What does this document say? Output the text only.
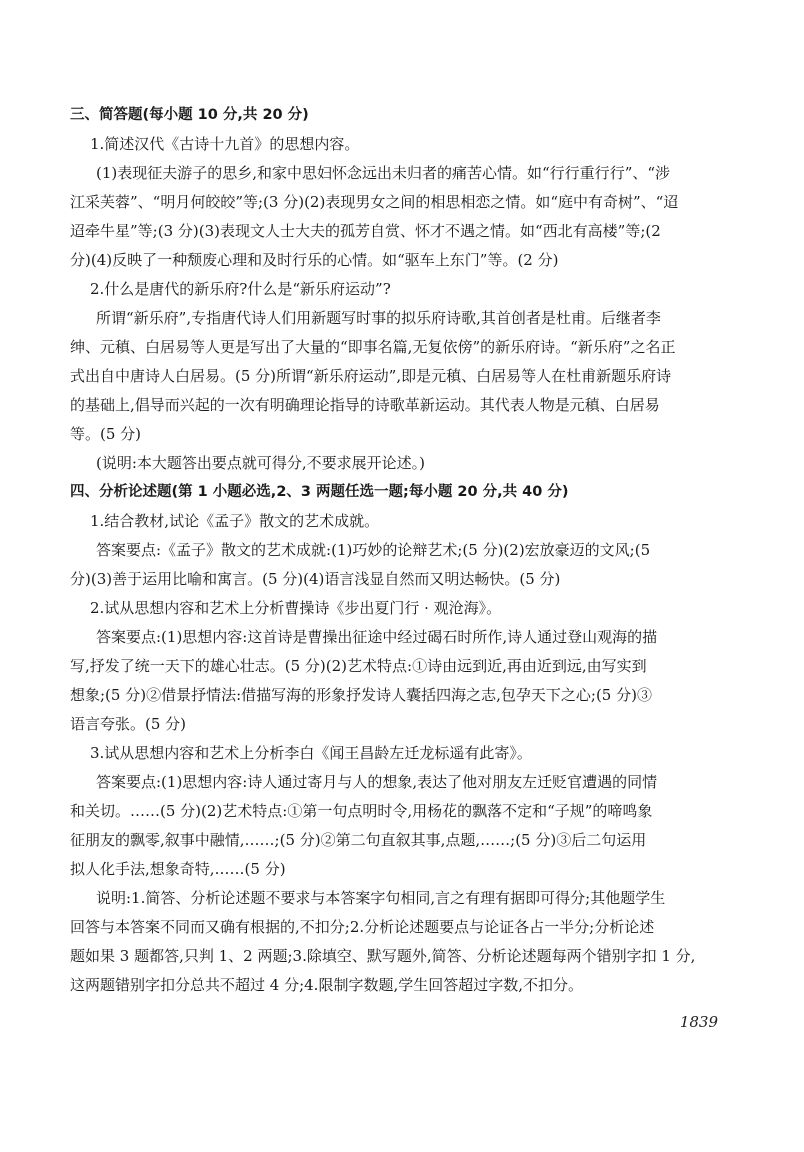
三、简答题(每小题 10 分,共 20 分)
1.简述汉代《古诗十九首》的思想内容。
(1)表现征夫游子的思乡,和家中思妇怀念远出未归者的痛苦心情。如“行行重行行”、“涉
江采芙蓉”、“明月何皎皎”等;(3 分)(2)表现男女之间的相思相恋之情。如“庭中有奇树”、“迢
迢牵牛星”等;(3 分)(3)表现文人士大夫的孤芳自赏、怀才不遇之情。如“西北有高楼”等;(2
分)(4)反映了一种颓废心理和及时行乐的心情。如“驱车上东门”等。(2 分)
2.什么是唐代的新乐府?什么是“新乐府运动”?
所谓“新乐府”,专指唐代诗人们用新题写时事的拟乐府诗歌,其首创者是杜甫。后继者李
绅、元稹、白居易等人更是写出了大量的“即事名篇,无复依傍”的新乐府诗。“新乐府”之名正
式出自中唐诗人白居易。(5 分)所谓“新乐府运动”,即是元稹、白居易等人在杜甫新题乐府诗
的基础上,倡导而兴起的一次有明确理论指导的诗歌革新运动。其代表人物是元稹、白居易
等。(5 分)
(说明:本大题答出要点就可得分,不要求展开论述。)
四、分析论述题(第 1 小题必选,2、3 两题任选一题;每小题 20 分,共 40 分)
1.结合教材,试论《孟子》散文的艺术成就。
答案要点:《孟子》散文的艺术成就:(1)巧妙的论辩艺术;(5 分)(2)宏放豪迈的文风;(5
分)(3)善于运用比喻和寓言。(5 分)(4)语言浅显自然而又明达畅快。(5 分)
2.试从思想内容和艺术上分析曹操诗《步出夏门行 · 观沧海》。
答案要点:(1)思想内容:这首诗是曹操出征途中经过碣石时所作,诗人通过登山观海的描
写,抒发了统一天下的雄心壮志。(5 分)(2)艺术特点:①诗由远到近,再由近到远,由写实到
想象;(5 分)②借景抒情法:借描写海的形象抒发诗人囊括四海之志,包孕天下之心;(5 分)③
语言夸张。(5 分)
3.试从思想内容和艺术上分析李白《闻王昌龄左迁龙标遥有此寄》。
答案要点:(1)思想内容:诗人通过寄月与人的想象,表达了他对朋友左迁贬官遭遇的同情
和关切。……(5 分)(2)艺术特点:①第一句点明时令,用杨花的飘落不定和“子规”的啼鸣象
征朋友的飘零,叙事中融情,……;(5 分)②第二句直叙其事,点题,……;(5 分)③后二句运用
拟人化手法,想象奇特,……(5 分)
说明:1.简答、分析论述题不要求与本答案字句相同,言之有理有据即可得分;其他题学生
回答与本答案不同而又确有根据的,不扣分;2.分析论述题要点与论证各占一半分;分析论述
题如果 3 题都答,只判 1、2 两题;3.除填空、默写题外,简答、分析论述题每两个错别字扣 1 分,
这两题错别字扣分总共不超过 4 分;4.限制字数题,学生回答超过字数,不扣分。
1839
